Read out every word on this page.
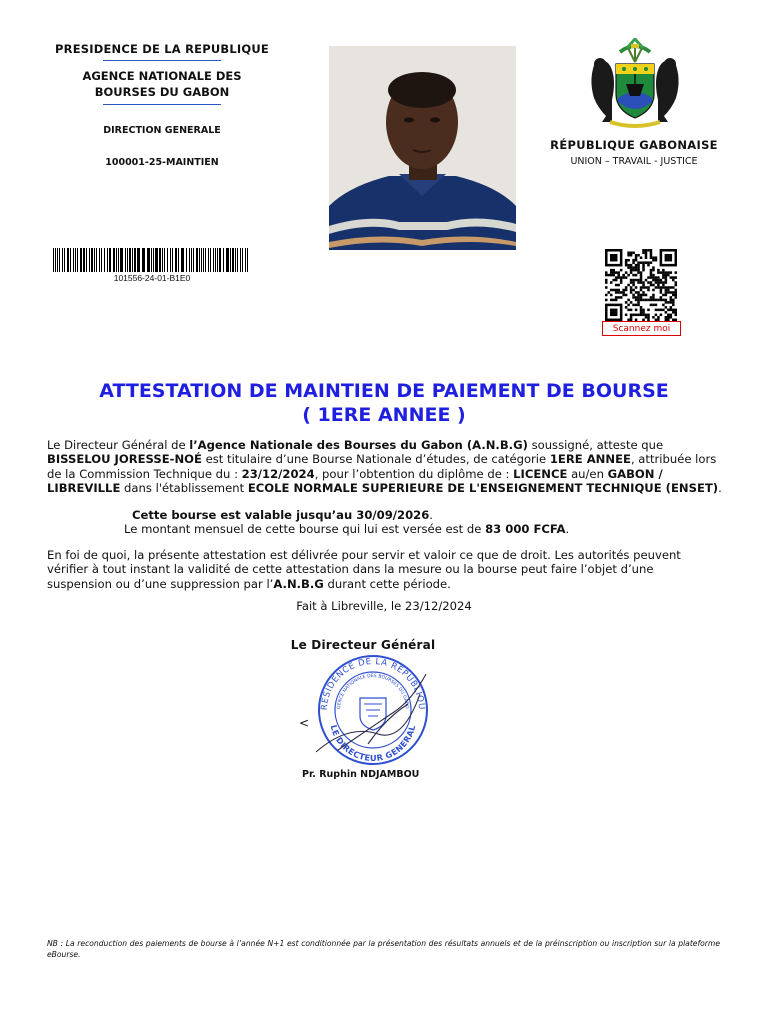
PRESIDENCE DE LA REPUBLIQUE
AGENCE NATIONALE DES
BOURSES DU GABON
DIRECTION GENERALE
100001-25-MAINTIEN
RÉPUBLIQUE GABONAISE
UNION – TRAVAIL - JUSTICE
101556-24-01-B1E0
Scannez moi
ATTESTATION DE MAINTIEN DE PAIEMENT DE BOURSE
( 1ERE ANNEE )
Le Directeur Général de l’Agence Nationale des Bourses du Gabon (A.N.B.G) soussigné, atteste que BISSELOU JORESSE-NOÉ est titulaire d’une Bourse Nationale d’études, de catégorie 1ERE ANNEE, attribuée lors de la Commission Technique du : 23/12/2024, pour l’obtention du diplôme de : LICENCE au/en GABON / LIBREVILLE dans l'établissement ECOLE NORMALE SUPERIEURE DE L'ENSEIGNEMENT TECHNIQUE (ENSET).
Cette bourse est valable jusqu’au 30/09/2026.
Le montant mensuel de cette bourse qui lui est versée est de 83 000 FCFA.
En foi de quoi, la présente attestation est délivrée pour servir et valoir ce que de droit. Les autorités peuvent vérifier à tout instant la validité de cette attestation dans la mesure ou la bourse peut faire l’objet d’une suspension ou d’une suppression par l’A.N.B.G durant cette période.
Fait à Libreville, le 23/12/2024
Le Directeur Général
RESIDENCE DE LA REPUBLIQU
LE DIRECTEUR GENERAL
GENCE NATIONALE DES BOURSES DU GABO
<
Pr. Ruphin NDJAMBOU
NB : La reconduction des paiements de bourse à l’année N+1 est conditionnée par la présentation des résultats annuels et de la préinscription ou inscription sur la plateforme eBourse.
